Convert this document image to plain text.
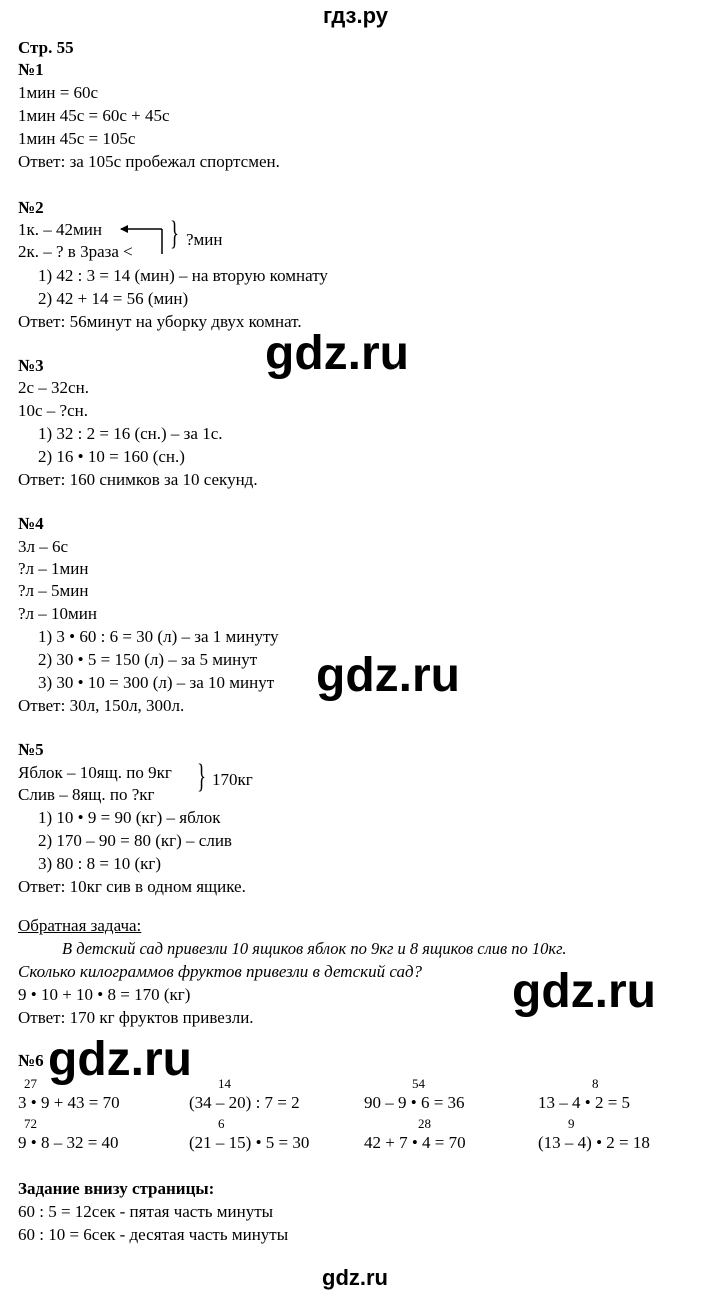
гдз.ру
Стр. 55
№1
1мин = 60с
1мин 45с = 60с + 45с
1мин 45с = 105с
Ответ: за 105с пробежал спортсмен.
№2
1к. – 42мин
2к. – ? в 3раза < } ?мин
1) 42 : 3 = 14 (мин) – на вторую комнату
2) 42 + 14 = 56 (мин)
Ответ: 56минут на уборку двух комнат.
gdz.ru
№3
2с – 32сн.
10с – ?сн.
1) 32 : 2 = 16 (сн.) – за 1с.
2) 16 • 10 = 160 (сн.)
Ответ: 160 снимков за 10 секунд.
№4
3л – 6с
?л – 1мин
?л – 5мин
?л – 10мин
1) 3 • 60 : 6 = 30 (л) – за 1 минуту
2) 30 • 5 = 150 (л) – за 5 минут
3) 30 • 10 = 300 (л) – за 10 минут
Ответ: 30л, 150л, 300л.
gdz.ru
№5
Яблок – 10ящ. по 9кг
Слив – 8ящ. по ?кг } 170кг
1) 10 • 9 = 90 (кг) – яблок
2) 170 – 90 = 80 (кг) – слив
3) 80 : 8 = 10 (кг)
Ответ: 10кг сив в одном ящике.
Обратная задача:
В детский сад привезли 10 ящиков яблок по 9кг и 8 ящиков слив по 10кг.
Сколько килограммов фруктов привезли в детский сад?
9 • 10 + 10 • 8 = 170 (кг)
Ответ: 170 кг фруктов привезли.	gdz.ru
gdz.ru
№6
27	14	54	8
3 • 9 + 43 = 70	(34 – 20) : 7 = 2	90 – 9 • 6 = 36	13 – 4 • 2 = 5
72	6	28	9
9 • 8 – 32 = 40	(21 – 15) • 5 = 30	42 + 7 • 4 = 70	(13 – 4) • 2 = 18
Задание внизу страницы:
60 : 5 = 12сек - пятая часть минуты
60 : 10 = 6сек - десятая часть минуты
gdz.ru
